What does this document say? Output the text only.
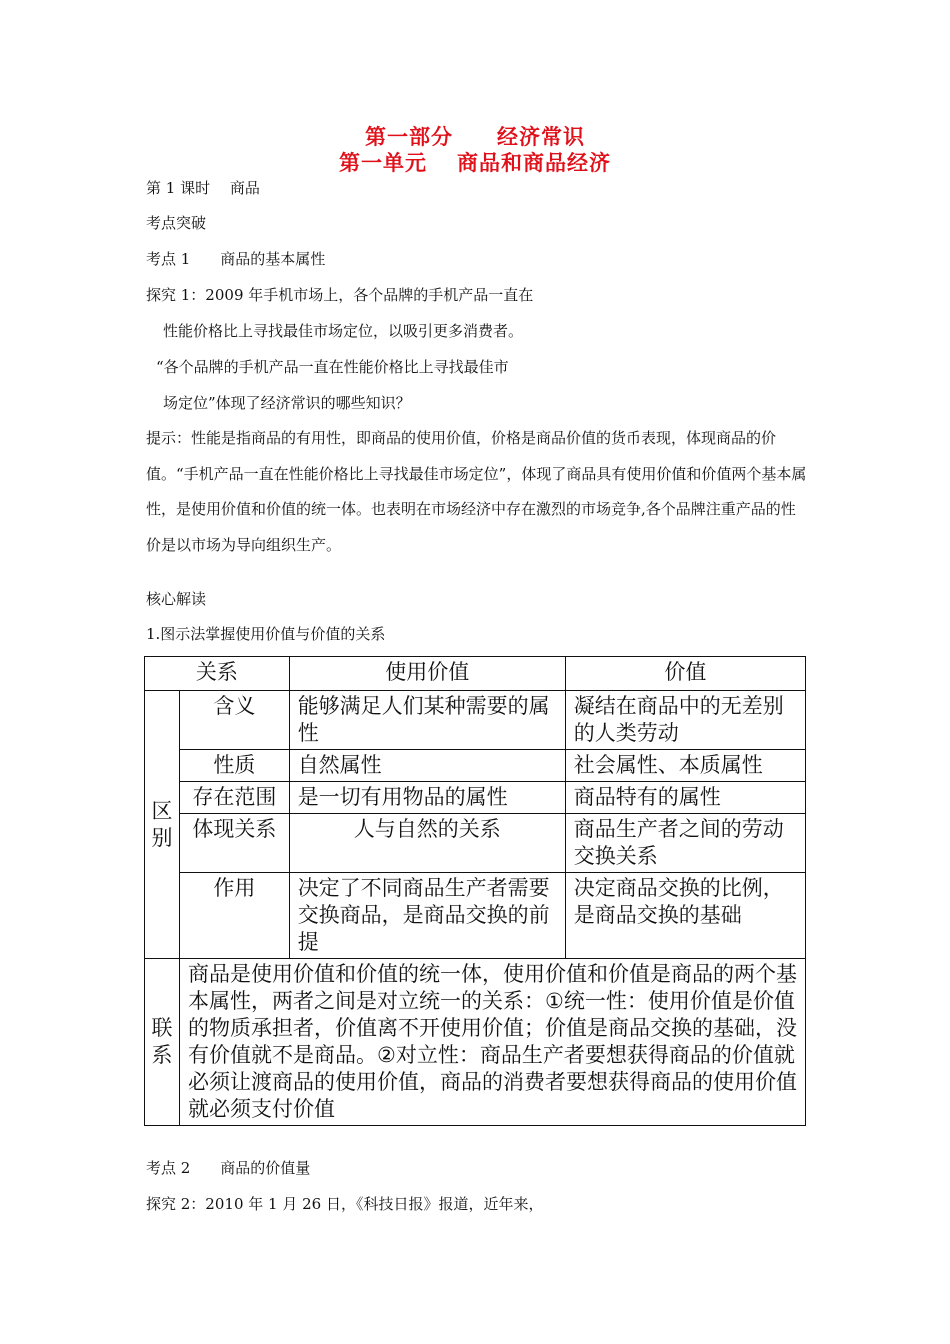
第一部分 经济常识
第一单元 商品和商品经济
第 1 课时　 商品
考点突破
考点 1　　商品的基本属性
探究 1：2009 年手机市场上，各个品牌的手机产品一直在
性能价格比上寻找最佳市场定位，以吸引更多消费者。
“各个品牌的手机产品一直在性能价格比上寻找最佳市
场定位”体现了经济常识的哪些知识？
提示：性能是指商品的有用性，即商品的使用价值，价格是商品价值的货币表现，体现商品的价值。“手机产品一直在性能价格比上寻找最佳市场定位”，体现了商品具有使用价值和价值两个基本属性，是使用价值和价值的统一体。也表明在市场经济中存在激烈的市场竞争,各个品牌注重产品的性价是以市场为导向组织生产。
核心解读
1.图示法掌握使用价值与价值的关系
关系		使用价值	价值
区别	含义	能够满足人们某种需要的属性	凝结在商品中的无差别的人类劳动
	性质	自然属性	社会属性、本质属性
	存在范围	是一切有用物品的属性	商品特有的属性
	体现关系	人与自然的关系	商品生产者之间的劳动交换关系
	作用	决定了不同商品生产者需要交换商品，是商品交换的前提	决定商品交换的比例，是商品交换的基础
联系	商品是使用价值和价值的统一体，使用价值和价值是商品的两个基本属性，两者之间是对立统一的关系：①统一性：使用价值是价值的物质承担者，价值离不开使用价值；价值是商品交换的基础，没有价值就不是商品。②对立性：商品生产者要想获得商品的价值就必须让渡商品的使用价值，商品的消费者要想获得商品的使用价值就必须支付价值		
考点 2　　商品的价值量
探究 2：2010 年 1 月 26 日，《科技日报》报道，近年来，
